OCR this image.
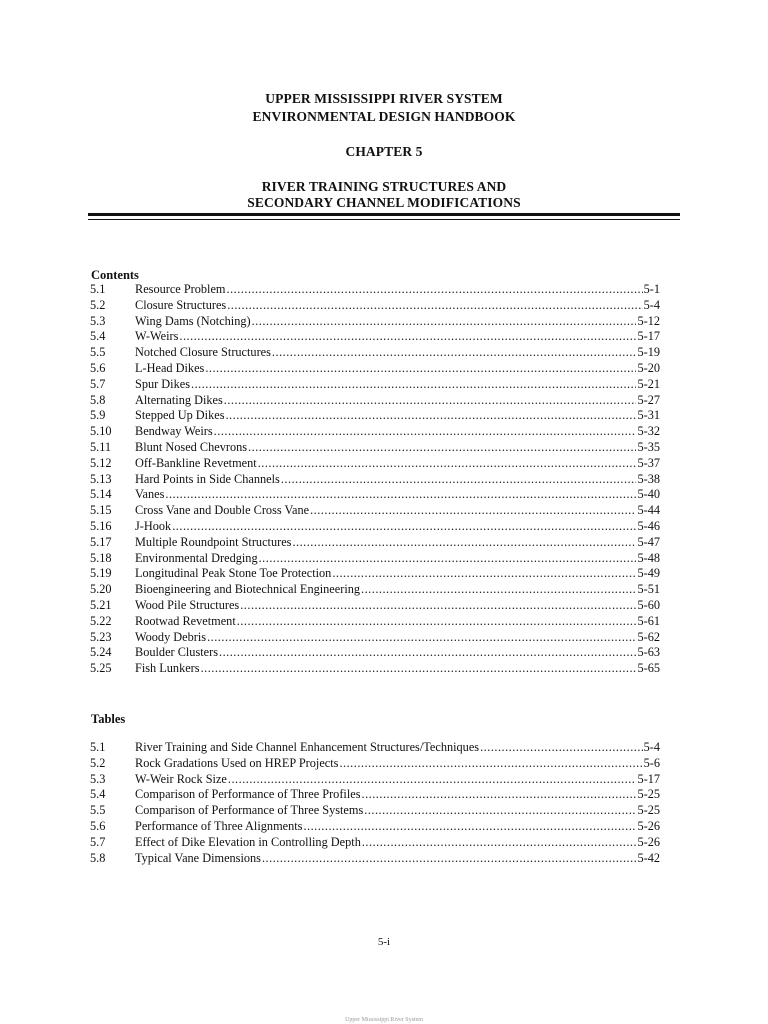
UPPER MISSISSIPPI RIVER SYSTEM
ENVIRONMENTAL DESIGN HANDBOOK
CHAPTER 5
RIVER TRAINING STRUCTURES AND
SECONDARY CHANNEL MODIFICATIONS
Contents
5.1	Resource Problem .....	5-1
5.2	Closure Structures .....	5-4
5.3	Wing Dams (Notching) .....	5-12
5.4	W-Weirs .....	5-17
5.5	Notched Closure Structures .....	5-19
5.6	L-Head Dikes .....	5-20
5.7	Spur Dikes .....	5-21
5.8	Alternating Dikes .....	5-27
5.9	Stepped Up Dikes .....	5-31
5.10	Bendway Weirs .....	5-32
5.11	Blunt Nosed Chevrons .....	5-35
5.12	Off-Bankline Revetment .....	5-37
5.13	Hard Points in Side Channels .....	5-38
5.14	Vanes .....	5-40
5.15	Cross Vane and Double Cross Vane .....	5-44
5.16	J-Hook .....	5-46
5.17	Multiple Roundpoint Structures .....	5-47
5.18	Environmental Dredging .....	5-48
5.19	Longitudinal Peak Stone Toe Protection .....	5-49
5.20	Bioengineering and Biotechnical Engineering .....	5-51
5.21	Wood Pile Structures .....	5-60
5.22	Rootwad Revetment .....	5-61
5.23	Woody Debris .....	5-62
5.24	Boulder Clusters .....	5-63
5.25	Fish Lunkers .....	5-65
Tables
5.1	River Training and Side Channel Enhancement Structures/Techniques .....	5-4
5.2	Rock Gradations Used on HREP Projects .....	5-6
5.3	W-Weir Rock Size .....	5-17
5.4	Comparison of Performance of Three Profiles .....	5-25
5.5	Comparison of Performance of Three Systems .....	5-25
5.6	Performance of Three Alignments .....	5-26
5.7	Effect of Dike Elevation in Controlling Depth .....	5-26
5.8	Typical Vane Dimensions .....	5-42
5-i
Upper Mississippi River System
